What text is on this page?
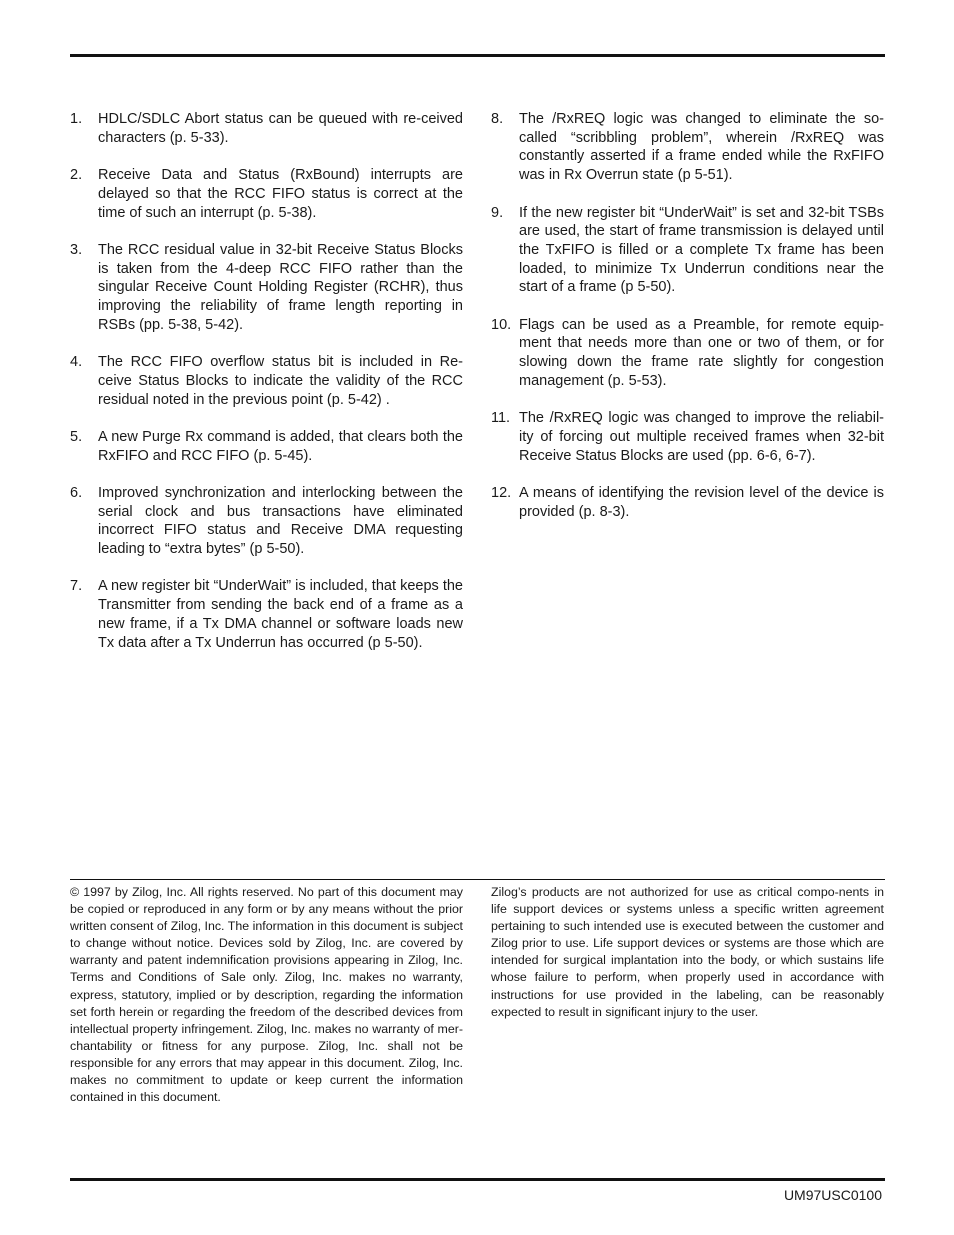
1. HDLC/SDLC Abort status can be queued with re-ceived characters (p. 5-33).
2. Receive Data and Status (RxBound) interrupts are delayed so that the RCC FIFO status is correct at the time of such an interrupt (p. 5-38).
3. The RCC residual value in 32-bit Receive Status Blocks is taken from the 4-deep RCC FIFO rather than the singular Receive Count Holding Register (RCHR), thus improving the reliability of frame length reporting in RSBs (pp. 5-38, 5-42).
4. The RCC FIFO overflow status bit is included in Re-ceive Status Blocks to indicate the validity of the RCC residual noted in the previous point (p. 5-42) .
5. A new Purge Rx command is added, that clears both the RxFIFO and RCC FIFO (p. 5-45).
6. Improved synchronization and interlocking between the serial clock and bus transactions have eliminated incorrect FIFO status and Receive DMA requesting leading to “extra bytes” (p 5-50).
7. A new register bit “UnderWait” is included, that keeps the Transmitter from sending the back end of a frame as a new frame, if a Tx DMA channel or software loads new Tx data after a Tx Underrun has occurred (p 5-50).
8. The /RxREQ logic was changed to eliminate the so-called “scribbling problem”, wherein /RxREQ was constantly asserted if a frame ended while the RxFIFO was in Rx Overrun state (p 5-51).
9. If the new register bit “UnderWait” is set and 32-bit TSBs are used, the start of frame transmission is delayed until the TxFIFO is filled or a complete Tx frame has been loaded, to minimize Tx Underrun conditions near the start of a frame (p 5-50).
10. Flags can be used as a Preamble, for remote equip-ment that needs more than one or two of them, or for slowing down the frame rate slightly for congestion management (p. 5-53).
11. The /RxREQ logic was changed to improve the reliabil-ity of forcing out multiple received frames when 32-bit Receive Status Blocks are used (pp. 6-6, 6-7).
12. A means of identifying the revision level of the device is provided (p. 8-3).
© 1997 by Zilog, Inc. All rights reserved. No part of this document may be copied or reproduced in any form or by any means without the prior written consent of Zilog, Inc. The information in this document is subject to change without notice. Devices sold by Zilog, Inc. are covered by warranty and patent indemnification provisions appearing in Zilog, Inc. Terms and Conditions of Sale only. Zilog, Inc. makes no warranty, express, statutory, implied or by description, regarding the information set forth herein or regarding the freedom of the described devices from intellectual property infringement. Zilog, Inc. makes no warranty of mer-chantability or fitness for any purpose. Zilog, Inc. shall not be responsible for any errors that may appear in this document. Zilog, Inc. makes no commitment to update or keep current the information contained in this document.
Zilog’s products are not authorized for use as critical compo-nents in life support devices or systems unless a specific written agreement pertaining to such intended use is executed between the customer and Zilog prior to use. Life support devices or systems are those which are intended for surgical implantation into the body, or which sustains life whose failure to perform, when properly used in accordance with instructions for use provided in the labeling, can be reasonably expected to result in significant injury to the user.
UM97USC0100
